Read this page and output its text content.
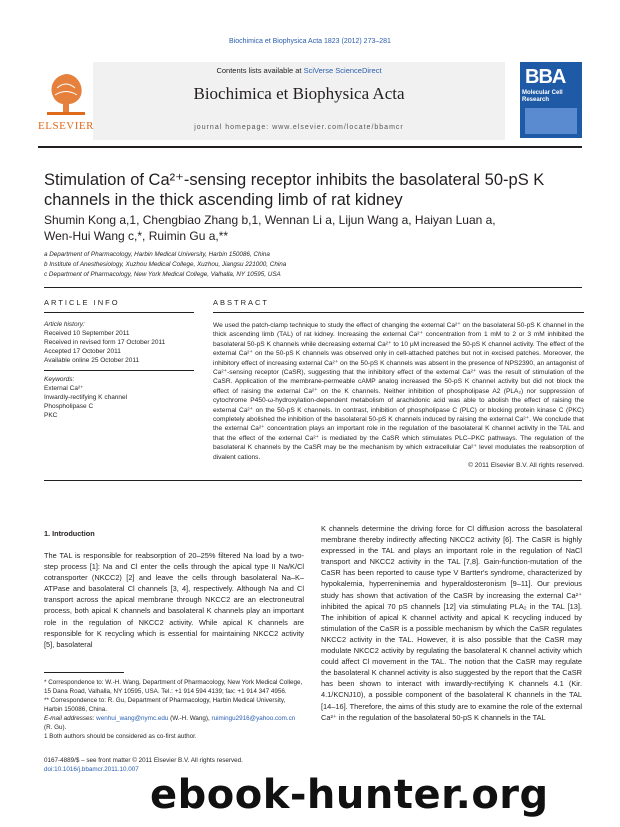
Biochimica et Biophysica Acta 1823 (2012) 273–281
Contents lists available at SciVerse ScienceDirect
Biochimica et Biophysica Acta
journal homepage: www.elsevier.com/locate/bbamcr
ELSEVIER
BBA
Molecular Cell Research
Stimulation of Ca²⁺-sensing receptor inhibits the basolateral 50-pS K channels in the thick ascending limb of rat kidney
Shumin Kong a,1, Chengbiao Zhang b,1, Wennan Li a, Lijun Wang a, Haiyan Luan a,
Wen-Hui Wang c,*, Ruimin Gu a,**
a Department of Pharmacology, Harbin Medical University, Harbin 150086, China
b Institute of Anesthesiology, Xuzhou Medical College, Xuzhou, Jiangsu 221000, China
c Department of Pharmacology, New York Medical College, Valhalla, NY 10595, USA
ARTICLE INFO
Article history:
Received 10 September 2011
Received in revised form 17 October 2011
Accepted 17 October 2011
Available online 25 October 2011
Keywords:
External Ca²⁺
Inwardly-rectifying K channel
Phospholipase C
PKC
ABSTRACT
We used the patch-clamp technique to study the effect of changing the external Ca²⁺ on the basolateral 50-pS K channel in the thick ascending limb (TAL) of rat kidney. Increasing the external Ca²⁺ concentration from 1 mM to 2 or 3 mM inhibited the basolateral 50-pS K channels while decreasing external Ca²⁺ to 10 μM increased the 50-pS K channel activity. The effect of the external Ca²⁺ on the 50-pS K channels was observed only in cell-attached patches but not in excised patches. Moreover, the inhibitory effect of increasing external Ca²⁺ on the 50-pS K channels was absent in the presence of NPS2390, an antagonist of Ca²⁺-sensing receptor (CaSR), suggesting that the inhibitory effect of the external Ca²⁺ was the result of stimulation of the CaSR. Application of the membrane-permeable cAMP analog increased the 50-pS K channel activity but did not block the effect of raising the external Ca²⁺ on the K channels. Neither inhibition of phospholipase A2 (PLA₂) nor suppression of cytochrome P450-ω-hydroxylation-dependent metabolism of arachidonic acid was able to abolish the effect of raising the external Ca²⁺ on the 50-pS K channels. In contrast, inhibition of phospholipase C (PLC) or blocking protein kinase C (PKC) completely abolished the inhibition of the basolateral 50-pS K channels induced by raising the external Ca²⁺. We conclude that the external Ca²⁺ concentration plays an important role in the regulation of the basolateral K channel activity in the TAL and that the effect of the external Ca²⁺ is mediated by the CaSR which stimulates PLC–PKC pathways. The regulation of the basolateral K channels by the CaSR may be the mechanism by which extracellular Ca²⁺ level modulates the reabsorption of divalent cations.
© 2011 Elsevier B.V. All rights reserved.
1. Introduction
The TAL is responsible for reabsorption of 20–25% filtered Na load by a two-step process [1]: Na and Cl enter the cells through the apical type II Na/K/Cl cotransporter (NKCC2) [2] and leave the cells through basolateral Na–K–ATPase and basolateral Cl channels [3, 4], respectively. Although Na and Cl transport across the apical membrane through NKCC2 are an electroneutral process, both apical K channels and basolateral K channels play an important role in the regulation of NKCC2 activity. While apical K channels are responsible for K recycling which is essential for maintaining NKCC2 activity [5], basolateral
K channels determine the driving force for Cl diffusion across the basolateral membrane thereby indirectly affecting NKCC2 activity [6]. The CaSR is highly expressed in the TAL and plays an important role in the regulation of NaCl transport and NKCC2 activity in the TAL [7,8]. Gain-function-mutation of the CaSR has been reported to cause type V Bartter's syndrome, characterized by hypokalemia, hyperreninemia and hyperaldosteronism [9–11]. Our previous study has shown that activation of the CaSR by increasing the external Ca²⁺ inhibited the apical 70 pS channels [12] via stimulating PLA₂ in the TAL [13]. The inhibition of apical K channel activity and apical K recycling induced by stimulation of the CaSR is a possible mechanism by which the CaSR regulates NKCC2 activity in the TAL. However, it is also possible that the CaSR may modulate NKCC2 activity by regulating the basolateral K channel activity which could affect Cl movement in the TAL. The notion that the CaSR may regulate the basolateral K channel activity is also suggested by the report that the CaSR has been shown to interact with inwardly-rectifying K channels 4.1 (Kir. 4.1/KCNJ10), a possible component of the basolateral K channels in the TAL [14–16]. Therefore, the aims of this study are to examine the role of the external Ca²⁺ in the regulation of the basolateral 50-pS K channels in the TAL
* Correspondence to: W.-H. Wang, Department of Pharmacology, New York Medical College, 15 Dana Road, Valhalla, NY 10595, USA. Tel.: +1 914 594 4139; fax: +1 914 347 4956.
** Correspondence to: R. Gu, Department of Pharmacology, Harbin Medical University, Harbin 150086, China.
E-mail addresses: wenhui_wang@nymc.edu (W.-H. Wang), ruimingu2916@yahoo.com.cn (R. Gu).
1 Both authors should be considered as co-first author.
0167-4889/$ – see front matter © 2011 Elsevier B.V. All rights reserved.
doi:10.1016/j.bbamcr.2011.10.007
ebook-hunter.org
